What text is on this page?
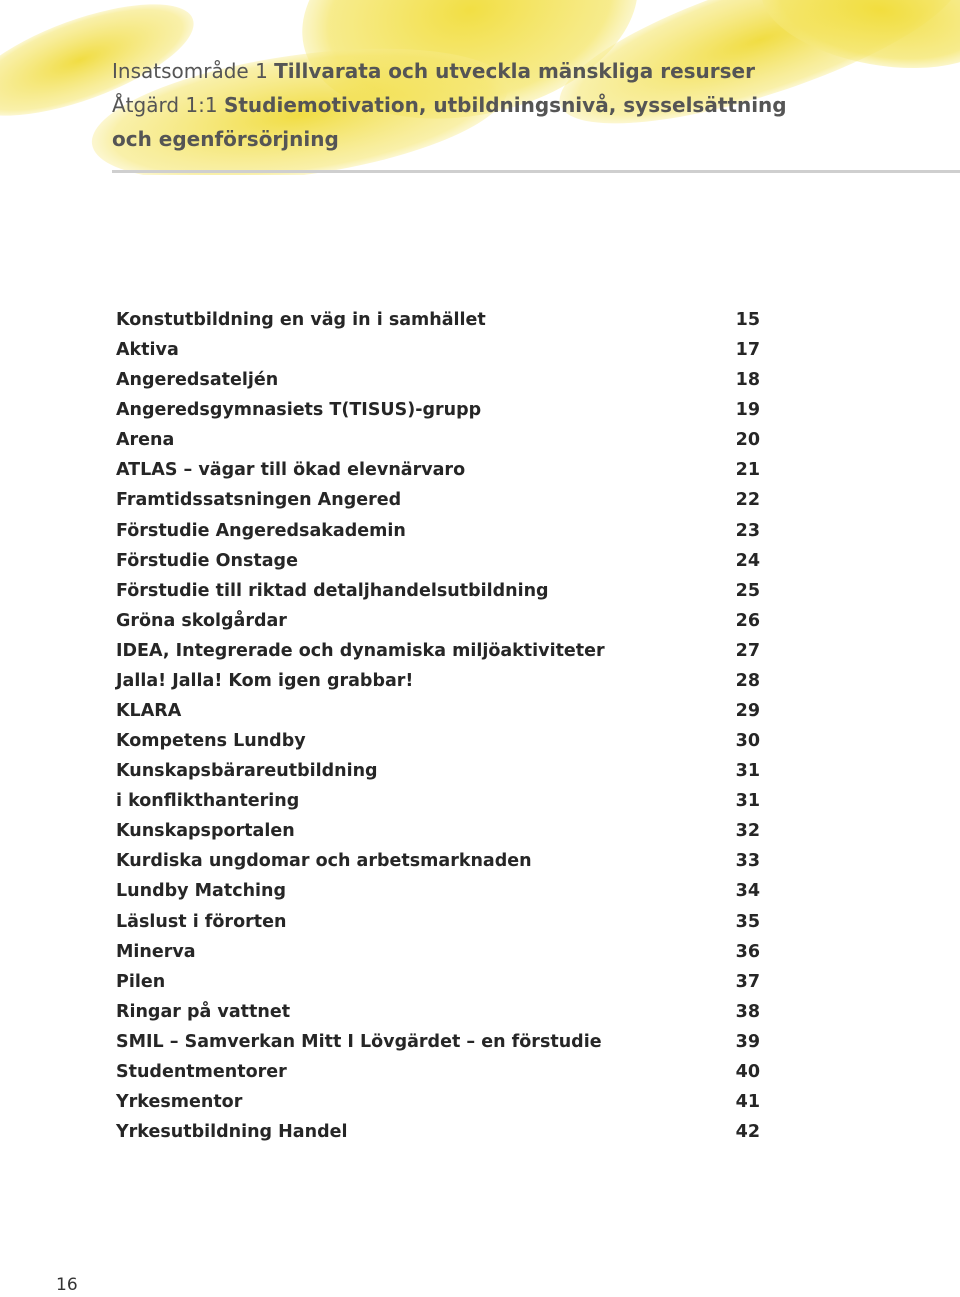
Insatsområde 1 Tillvarata och utveckla mänskliga resurser

Åtgärd 1:1 Studiemotivation, utbildningsnivå, sysselsättning

och egenförsörjning

Konstutbildning en väg in i samhället	15
Aktiva	17
Angeredsateljén	18
Angeredsgymnasiets T(TISUS)-grupp	19
Arena	20
ATLAS – vägar till ökad elevnärvaro	21
Framtidssatsningen Angered	22
Förstudie Angeredsakademin	23
Förstudie Onstage	24
Förstudie till riktad detaljhandelsutbildning	25
Gröna skolgårdar	26
IDEA, Integrerade och dynamiska miljöaktiviteter	27
Jalla! Jalla! Kom igen grabbar!	28
KLARA	29
Kompetens Lundby	30
Kunskapsbärareutbildning	31
i konflikthantering	31
Kunskapsportalen	32
Kurdiska ungdomar och arbetsmarknaden	33
Lundby Matching	34
Läslust i förorten	35
Minerva	36
Pilen	37
Ringar på vattnet	38
SMIL – Samverkan Mitt I Lövgärdet – en förstudie	39
Studentmentorer	40
Yrkesmentor	41
Yrkesutbildning Handel	42
16
